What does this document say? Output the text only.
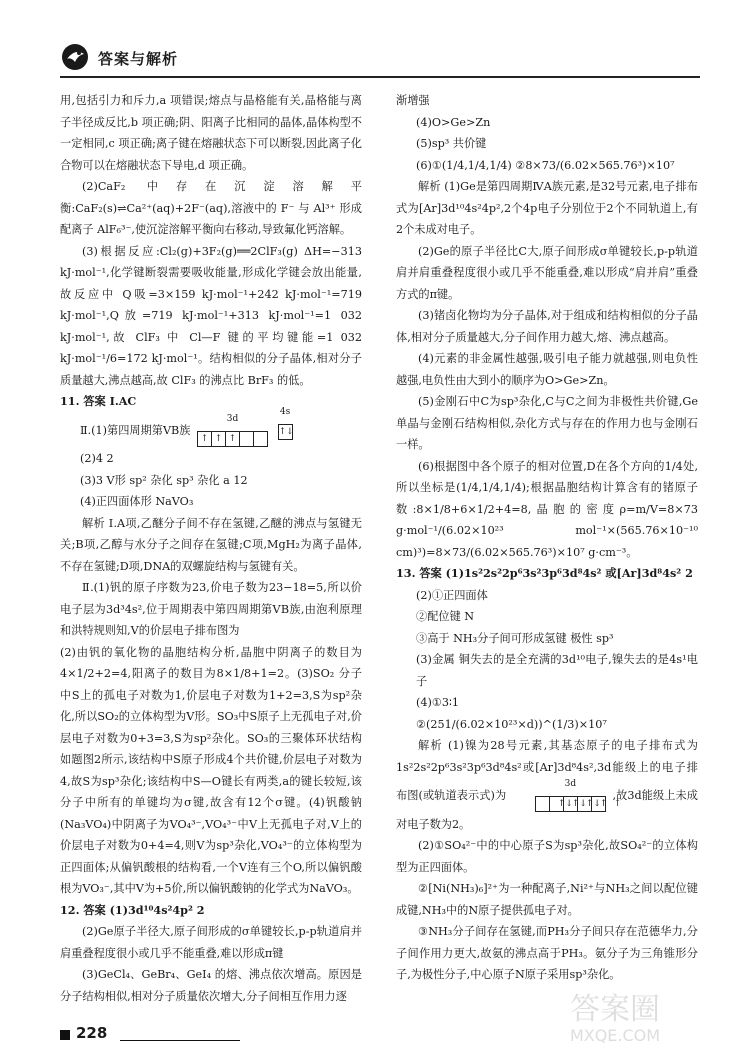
答案与解析

用,包括引力和斥力,a 项错误;熔点与晶格能有关,晶格能与离子半径成反比,b 项正确;阴、阳离子比相同的晶体,晶体构型不一定相同,c 项正确;离子键在熔融状态下可以断裂,因此离子化合物可以在熔融状态下导电,d 项正确。

(2)CaF₂ 中存在沉淀溶解平衡:CaF₂(s)⇌Ca²⁺(aq)+2F⁻(aq),溶液中的 F⁻ 与 Al³⁺ 形成配离子 AlF₆³⁻,使沉淀溶解平衡向右移动,导致氟化钙溶解。

(3)根据反应:Cl₂(g)+3F₂(g)══2ClF₃(g) ΔH=−313 kJ·mol⁻¹,化学键断裂需要吸收能量,形成化学键会放出能量,故反应中 Q吸=3×159 kJ·mol⁻¹+242 kJ·mol⁻¹=719 kJ·mol⁻¹,Q放=719 kJ·mol⁻¹+313 kJ·mol⁻¹=1 032 kJ·mol⁻¹,故 ClF₃ 中 Cl—F 键的平均键能=1 032 kJ·mol⁻¹/6=172 kJ·mol⁻¹。结构相似的分子晶体,相对分子质量越大,沸点越高,故 ClF₃ 的沸点比 BrF₃ 的低。

11. 答案 Ⅰ.AC

Ⅱ.(1)第四周期第ⅤB族
3d
↑ ↑ ↑

4s
↑↓

(2)4 2

(3)3 V形 sp² 杂化 sp³ 杂化 a 12

(4)正四面体形 NaVO₃

解析 Ⅰ.A项,乙醚分子间不存在氢键,乙醚的沸点与氢键无关;B项,乙醇与水分子之间存在氢键;C项,MgH₂为离子晶体,不存在氢键;D项,DNA的双螺旋结构与氢键有关。

Ⅱ.(1)钒的原子序数为23,价电子数为23−18=5,所以价电子层为3d³4s²,位于周期表中第四周期第ⅤB族,由泡利原理和洪特规则知,V的价层电子排布图为

(2)由钒的氧化物的晶胞结构分析,晶胞中阴离子的数目为4×1/2+2=4,阳离子的数目为8×1/8+1=2。(3)SO₂ 分子中S上的孤电子对数为1,价层电子对数为1+2=3,S为sp²杂化,所以SO₂的立体构型为V形。SO₃中S原子上无孤电子对,价层电子对数为0+3=3,S为sp²杂化。SO₃的三聚体环状结构如题图2所示,该结构中S原子形成4个共价键,价层电子对数为4,故S为sp³杂化;该结构中S—O键长有两类,a的键长较短,该分子中所有的单键均为σ键,故含有12个σ键。(4)钒酸钠(Na₃VO₄)中阴离子为VO₄³⁻,VO₄³⁻中V上无孤电子对,V上的价层电子对数为0+4=4,则V为sp³杂化,VO₄³⁻的立体构型为正四面体;从偏钒酸根的结构看,一个V连有三个O,所以偏钒酸根为VO₃⁻,其中V为+5价,所以偏钒酸钠的化学式为NaVO₃。

12. 答案 (1)3d¹⁰4s²4p² 2

(2)Ge原子半径大,原子间形成的σ单键较长,p-p轨道肩并肩重叠程度很小或几乎不能重叠,难以形成π键

(3)GeCl₄、GeBr₄、GeI₄ 的熔、沸点依次增高。原因是分子结构相似,相对分子质量依次增大,分子间相互作用力逐

渐增强

(4)O>Ge>Zn

(5)sp³ 共价键

(6)①(1/4,1/4,1/4) ②8×73/(6.02×565.76³)×10⁷

解析 (1)Ge是第四周期ⅣA族元素,是32号元素,电子排布式为[Ar]3d¹⁰4s²4p²,2个4p电子分别位于2个不同轨道上,有2个未成对电子。

(2)Ge的原子半径比C大,原子间形成σ单键较长,p-p轨道肩并肩重叠程度很小或几乎不能重叠,难以形成“肩并肩”重叠方式的π键。

(3)锗卤化物均为分子晶体,对于组成和结构相似的分子晶体,相对分子质量越大,分子间作用力越大,熔、沸点越高。

(4)元素的非金属性越强,吸引电子能力就越强,则电负性越强,电负性由大到小的顺序为O>Ge>Zn。

(5)金刚石中C为sp³杂化,C与C之间为非极性共价键,Ge单晶与金刚石结构相似,杂化方式与存在的作用力也与金刚石一样。

(6)根据图中各个原子的相对位置,D在各个方向的1/4处,所以坐标是(1/4,1/4,1/4);根据晶胞结构计算含有的锗原子数:8×1/8+6×1/2+4=8,晶胞的密度ρ=m/V=8×73 g·mol⁻¹/(6.02×10²³ mol⁻¹×(565.76×10⁻¹⁰ cm)³)=8×73/(6.02×565.76³)×10⁷ g·cm⁻³。

13. 答案 (1)1s²2s²2p⁶3s²3p⁶3d⁸4s² 或[Ar]3d⁸4s² 2

(2)①正四面体

②配位键 N

③高于 NH₃分子间可形成氢键 极性 sp³

(3)金属 铜失去的是全充满的3d¹⁰电子,镍失去的是4s¹电子

(4)①3∶1

②(251/(6.02×10²³×d))^(1/3)×10⁷

解析 (1)镍为28号元素,其基态原子的电子排布式为1s²2s²2p⁶3s²3p⁶3d⁸4s²或[Ar]3d⁸4s²,3d能级上的电子排布图(或轨道表示式)为
3d
↑↓
↑↓
↑↓
↑ ↑
,故3d能级上未成对电子数为2。

(2)①SO₄²⁻中的中心原子S为sp³杂化,故SO₄²⁻的立体构型为正四面体。

②[Ni(NH₃)₆]²⁺为一种配离子,Ni²⁺与NH₃之间以配位键成键,NH₃中的N原子提供孤电子对。

③NH₃分子间存在氢键,而PH₃分子间只存在范德华力,分子间作用力更大,故氨的沸点高于PH₃。氨分子为三角锥形分子,为极性分子,中心原子N原子采用sp³杂化。

228
答案圈
MXQE.COM
